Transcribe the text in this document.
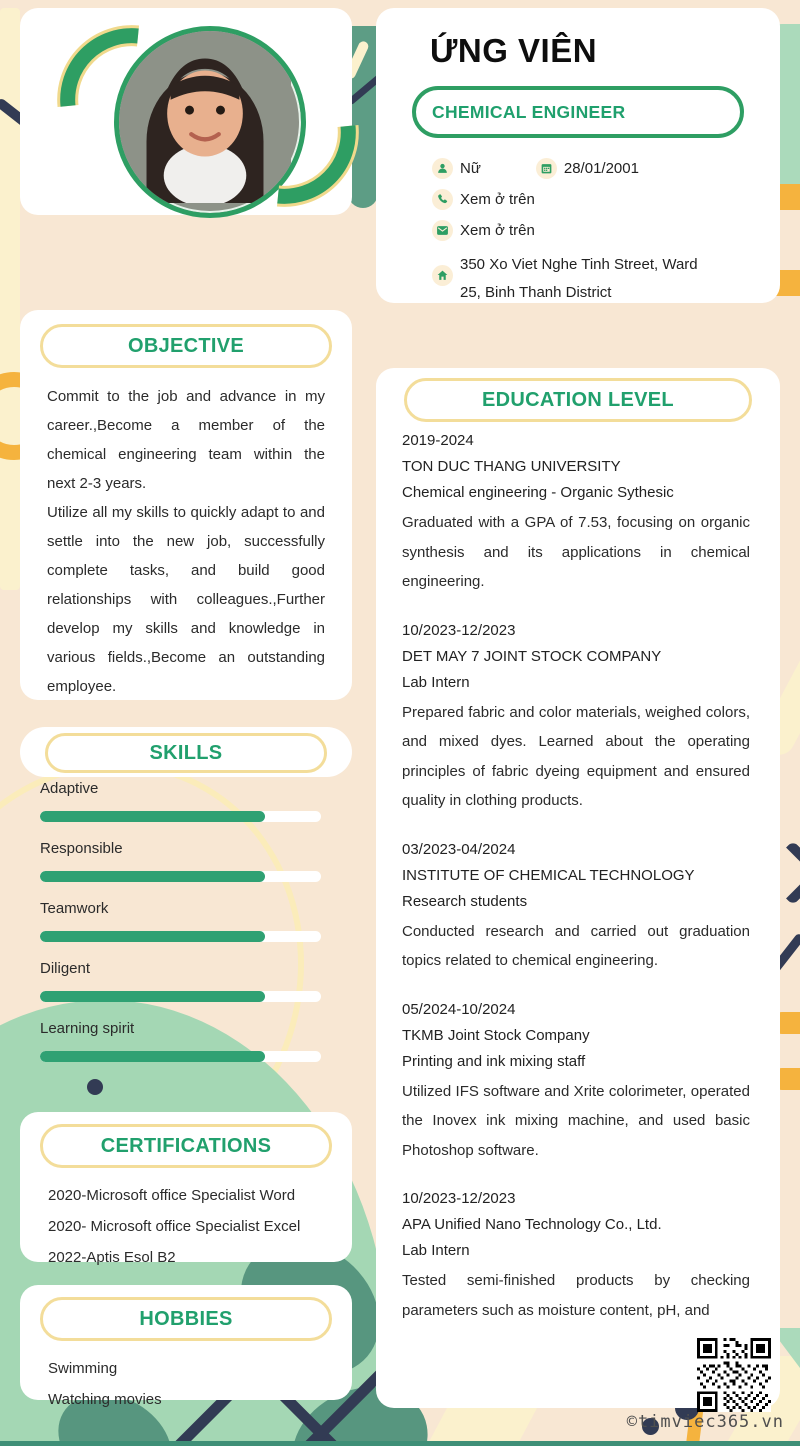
ỨNG VIÊN
CHEMICAL ENGINEER
Nữ	28/01/2001
Xem ở trên
Xem ở trên
350 Xo Viet Nghe Tinh Street, Ward 25, Binh Thanh District
OBJECTIVE

Commit to the job and advance in my career.,Become a member of the chemical engineering team within the next 2-3 years.

Utilize all my skills to quickly adapt to and settle into the new job, successfully complete tasks, and build good relationships with colleagues.,Further develop my skills and knowledge in various fields.,Become an outstanding employee.

SKILLS
Adaptive
Responsible
Teamwork
Diligent
Learning spirit
CERTIFICATIONS
2020-Microsoft office Specialist Word
2020- Microsoft office Specialist Excel
2022-Aptis Esol B2
HOBBIES
Swimming
Watching movies
EDUCATION LEVEL
2019-2024
TON DUC THANG UNIVERSITY
Chemical engineering - Organic Sythesic
Graduated with a GPA of 7.53, focusing on organic synthesis and its applications in chemical engineering.
10/2023-12/2023
DET MAY 7 JOINT STOCK COMPANY
Lab Intern
Prepared fabric and color materials, weighed colors, and mixed dyes. Learned about the operating principles of fabric dyeing equipment and ensured quality in clothing products.
03/2023-04/2024
INSTITUTE OF CHEMICAL TECHNOLOGY
Research students
Conducted research and carried out graduation topics related to chemical engineering.
05/2024-10/2024
TKMB Joint Stock Company
Printing and ink mixing staff
Utilized IFS software and Xrite colorimeter, operated the Inovex ink mixing machine, and used basic Photoshop software.
10/2023-12/2023
APA Unified Nano Technology Co., Ltd.
Lab Intern
Tested semi-finished products by checking parameters such as moisture content, pH, and
©timviec365.vn
